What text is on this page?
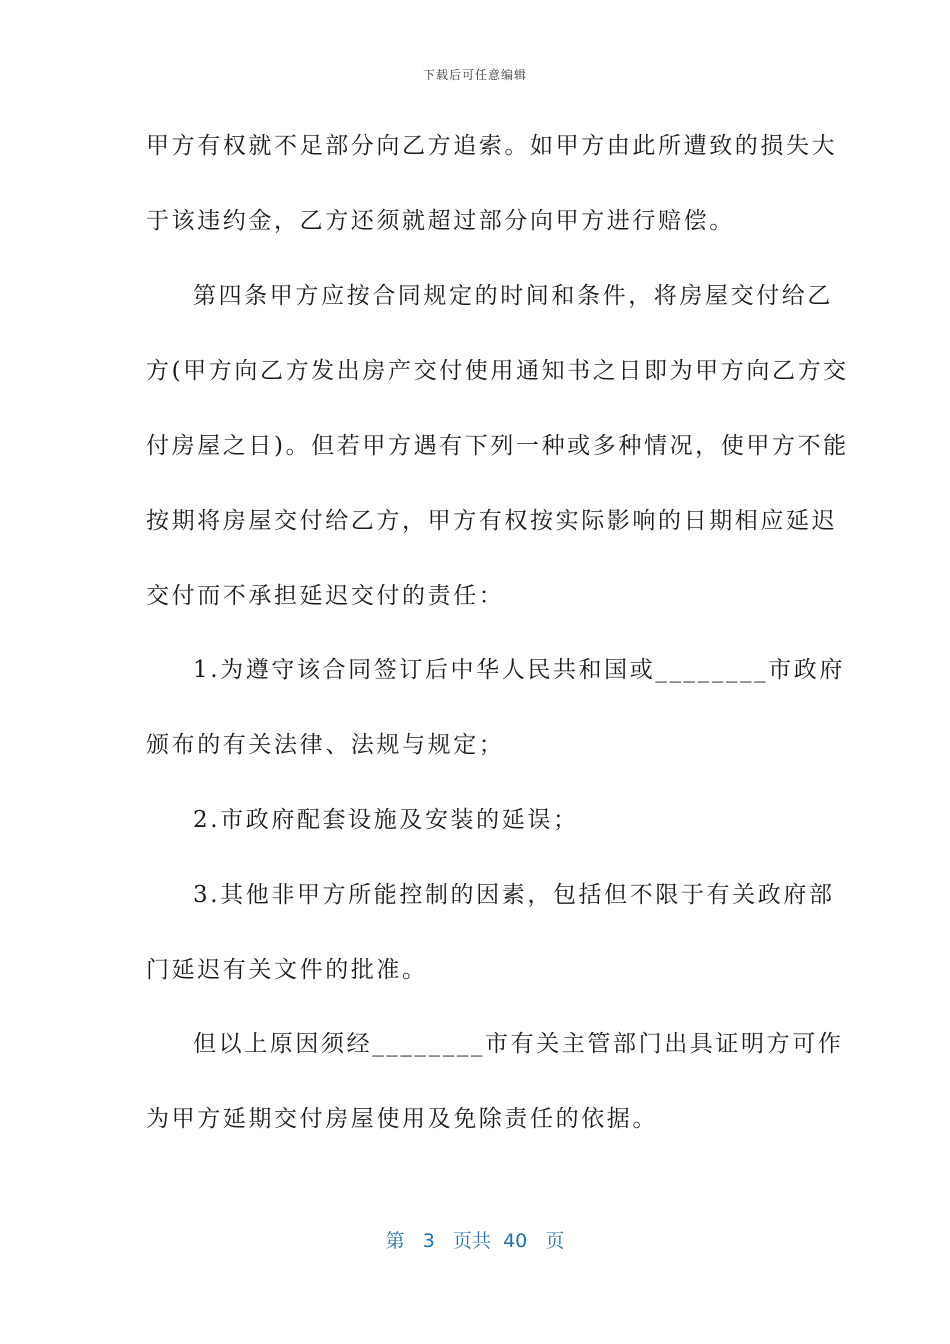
下载后可任意编辑
甲方有权就不足部分向乙方追索。如甲方由此所遭致的损失大
于该违约金，乙方还须就超过部分向甲方进行赔偿。
第四条甲方应按合同规定的时间和条件，将房屋交付给乙
方(甲方向乙方发出房产交付使用通知书之日即为甲方向乙方交
付房屋之日)。但若甲方遇有下列一种或多种情况，使甲方不能
按期将房屋交付给乙方，甲方有权按实际影响的日期相应延迟
交付而不承担延迟交付的责任：
1.为遵守该合同签订后中华人民共和国或________市政府
颁布的有关法律、法规与规定；
2.市政府配套设施及安装的延误；
3.其他非甲方所能控制的因素，包括但不限于有关政府部
门延迟有关文件的批准。
但以上原因须经________市有关主管部门出具证明方可作
为甲方延期交付房屋使用及免除责任的依据。
第 3 页共 40 页
